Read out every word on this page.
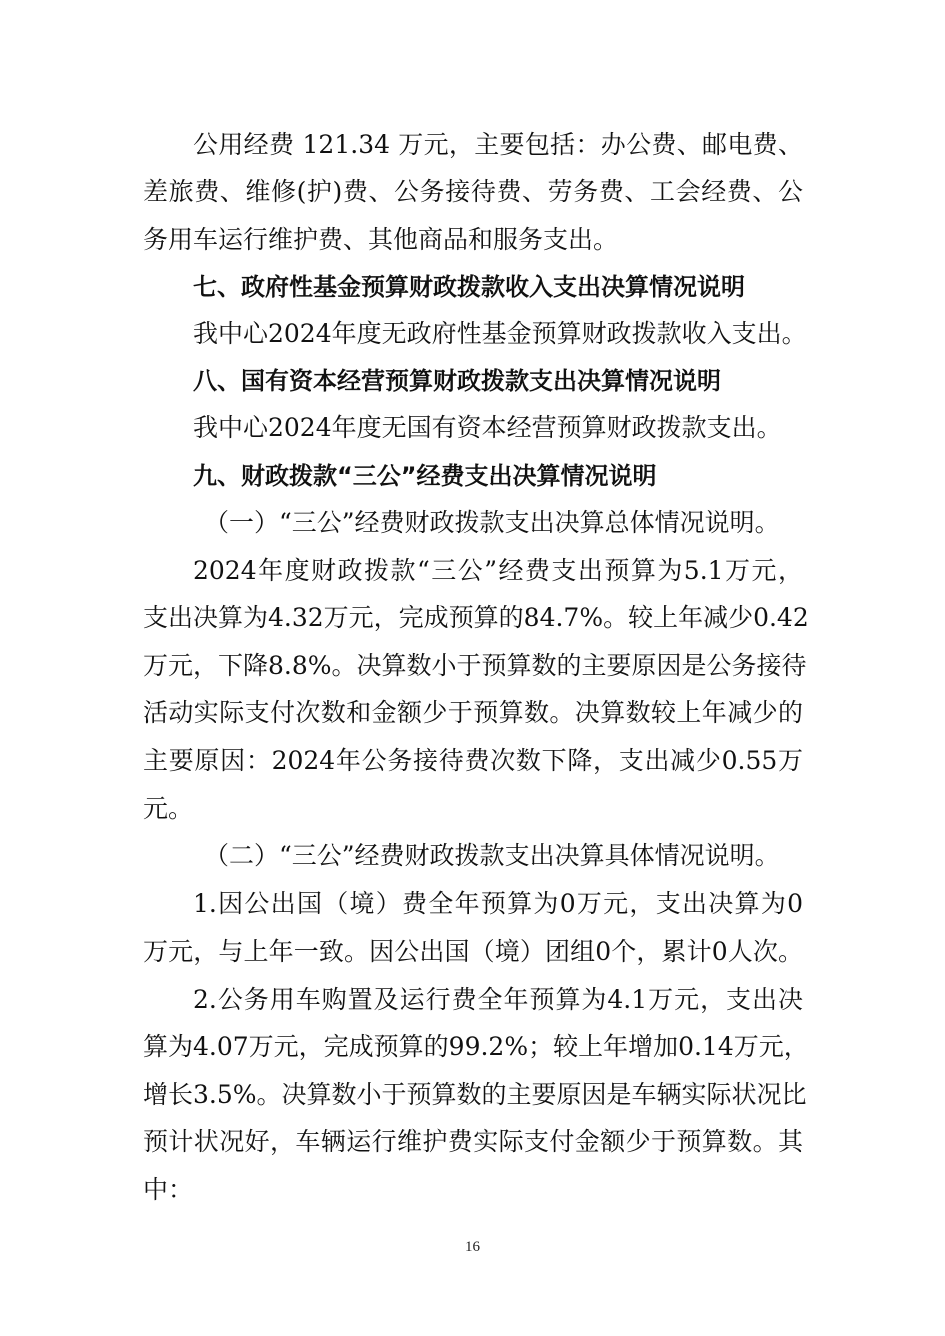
公用经费 121.34 万元，主要包括：办公费、邮电费、
差旅费、维修(护)费、公务接待费、劳务费、工会经费、公
务用车运行维护费、其他商品和服务支出。
七、政府性基金预算财政拨款收入支出决算情况说明
我中心2024年度无政府性基金预算财政拨款收入支出。
八、国有资本经营预算财政拨款支出决算情况说明
我中心2024年度无国有资本经营预算财政拨款支出。
九、财政拨款“三公”经费支出决算情况说明
（一）“三公”经费财政拨款支出决算总体情况说明。
2024年度财政拨款“三公”经费支出预算为5.1万元，
支出决算为4.32万元，完成预算的84.7%。较上年减少0.42
万元，下降8.8%。决算数小于预算数的主要原因是公务接待
活动实际支付次数和金额少于预算数。决算数较上年减少的
主要原因：2024年公务接待费次数下降，支出减少0.55万
元。
（二）“三公”经费财政拨款支出决算具体情况说明。
1.因公出国（境）费全年预算为0万元，支出决算为0
万元，与上年一致。因公出国（境）团组0个，累计0人次。
2.公务用车购置及运行费全年预算为4.1万元，支出决
算为4.07万元，完成预算的99.2%；较上年增加0.14万元，
增长3.5%。决算数小于预算数的主要原因是车辆实际状况比
预计状况好，车辆运行维护费实际支付金额少于预算数。其
中：
16
